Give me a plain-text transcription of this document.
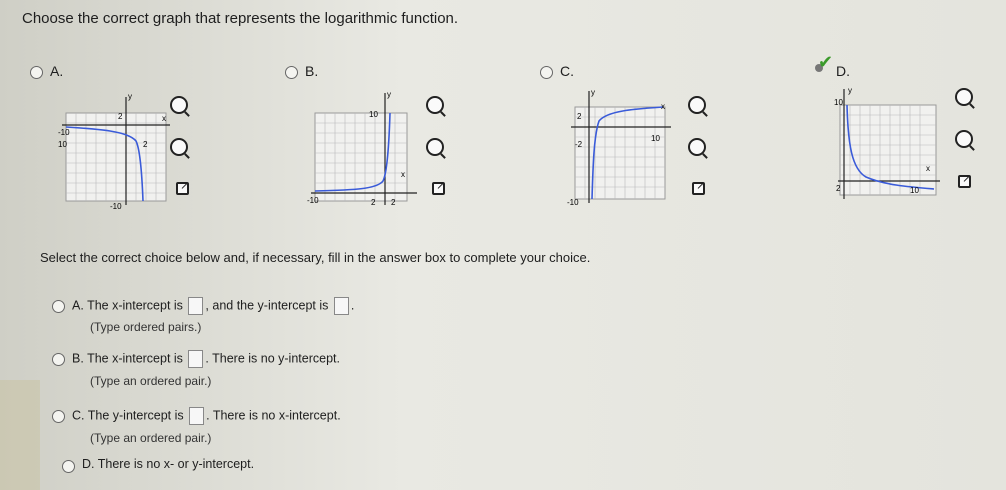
Choose the correct graph that represents the logarithmic function.
A.
y
x
2
10
-10
2
-10
↗
B.
y
10
x
-10	2 2
↗
C.
y
x
2
10
-2
-10
↗
✔ D.
y
10
x
2	10
↗
Select the correct choice below and, if necessary, fill in the answer box to complete your choice.
A. The x-intercept is , and the y-intercept is .
(Type ordered pairs.)
B. The x-intercept is . There is no y-intercept.
(Type an ordered pair.)
C. The y-intercept is . There is no x-intercept.
(Type an ordered pair.)
D. There is no x- or y-intercept.
